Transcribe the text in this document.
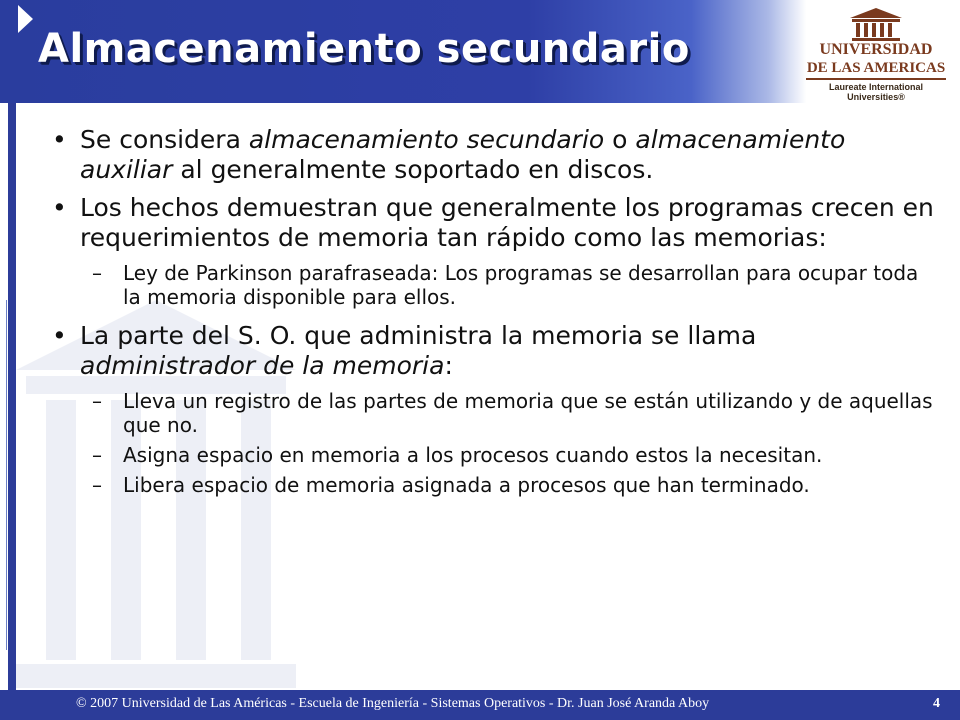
Almacenamiento secundario	UNIVERSIDAD
DE LAS AMERICAS
Laureate International Universities®
• Se considera almacenamiento secundario o almacenamiento auxiliar al generalmente soportado en discos.
• Los hechos demuestran que generalmente los programas crecen en requerimientos de memoria tan rápido como las memorias:
– Ley de Parkinson parafraseada: Los programas se desarrollan para ocupar toda la memoria disponible para ellos.
• La parte del S. O. que administra la memoria se llama administrador de la memoria:
– Lleva un registro de las partes de memoria que se están utilizando y de aquellas que no.
– Asigna espacio en memoria a los procesos cuando estos la necesitan.
– Libera espacio de memoria asignada a procesos que han terminado.
© 2007 Universidad de Las Américas - Escuela de Ingeniería - Sistemas Operativos - Dr. Juan José Aranda Aboy	4
